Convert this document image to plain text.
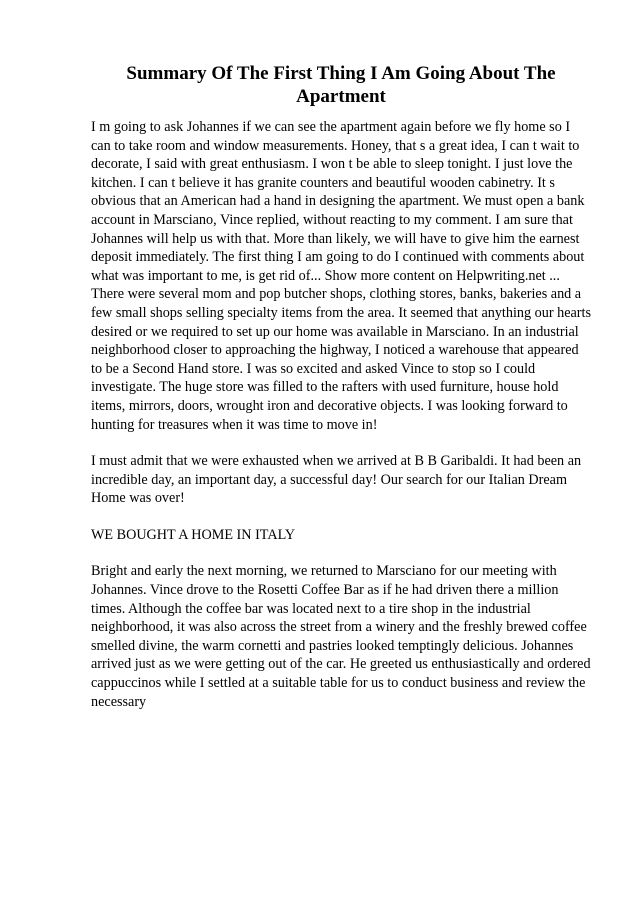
Summary Of The First Thing I Am Going About The Apartment

I m going to ask Johannes if we can see the apartment again before we fly home so I can to take room and window measurements. Honey, that s a great idea, I can t wait to decorate, I said with great enthusiasm. I won t be able to sleep tonight. I just love the kitchen. I can t believe it has granite counters and beautiful wooden cabinetry. It s obvious that an American had a hand in designing the apartment. We must open a bank account in Marsciano, Vince replied, without reacting to my comment. I am sure that Johannes will help us with that. More than likely, we will have to give him the earnest deposit immediately. The first thing I am going to do I continued with comments about what was important to me, is get rid of... Show more content on Helpwriting.net ...

There were several mom and pop butcher shops, clothing stores, banks, bakeries and a few small shops selling specialty items from the area. It seemed that anything our hearts desired or we required to set up our home was available in Marsciano. In an industrial neighborhood closer to approaching the highway, I noticed a warehouse that appeared to be a Second Hand store. I was so excited and asked Vince to stop so I could investigate. The huge store was filled to the rafters with used furniture, house hold items, mirrors, doors, wrought iron and decorative objects. I was looking forward to hunting for treasures when it was time to move in!

I must admit that we were exhausted when we arrived at B B Garibaldi. It had been an incredible day, an important day, a successful day! Our search for our Italian Dream Home was over!

WE BOUGHT A HOME IN ITALY

Bright and early the next morning, we returned to Marsciano for our meeting with Johannes. Vince drove to the Rosetti Coffee Bar as if he had driven there a million times. Although the coffee bar was located next to a tire shop in the industrial neighborhood, it was also across the street from a winery and the freshly brewed coffee smelled divine, the warm cornetti and pastries looked temptingly delicious. Johannes arrived just as we were getting out of the car. He greeted us enthusiastically and ordered cappuccinos while I settled at a suitable table for us to conduct business and review the necessary
